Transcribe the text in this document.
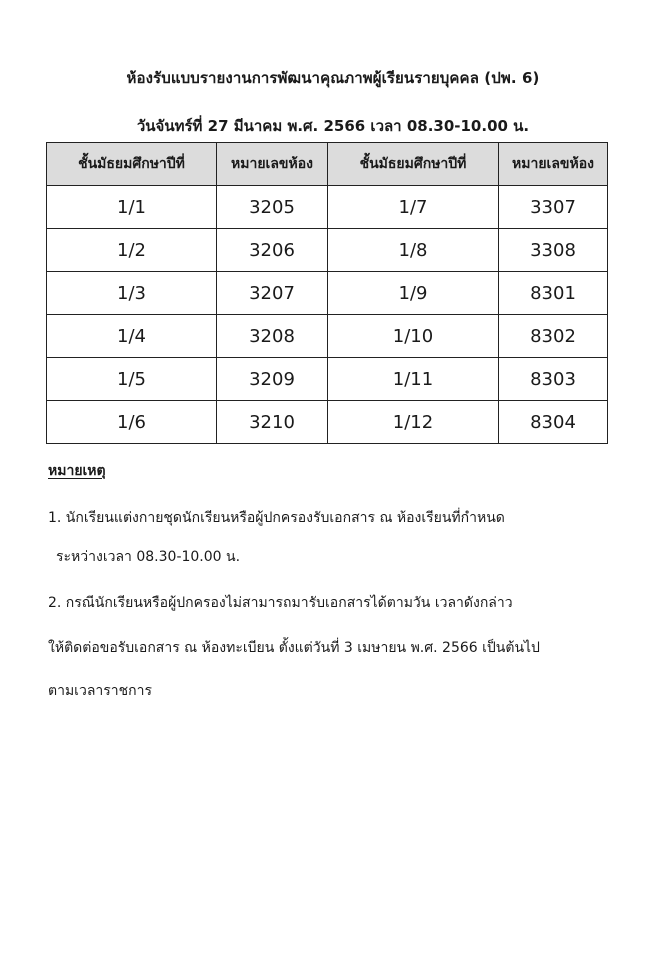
ห้องรับแบบรายงานการพัฒนาคุณภาพผู้เรียนรายบุคคล (ปพ. 6)
วันจันทร์ที่ 27 มีนาคม พ.ศ. 2566 เวลา 08.30-10.00 น.
ชั้นมัธยมศึกษาปีที่	หมายเลขห้อง	ชั้นมัธยมศึกษาปีที่	หมายเลขห้อง
1/1	3205	1/7	3307
1/2	3206	1/8	3308
1/3	3207	1/9	8301
1/4	3208	1/10	8302
1/5	3209	1/11	8303
1/6	3210	1/12	8304
หมายเหตุ
1. นักเรียนแต่งกายชุดนักเรียนหรือผู้ปกครองรับเอกสาร ณ ห้องเรียนที่กำหนด
ระหว่างเวลา 08.30-10.00 น.
2. กรณีนักเรียนหรือผู้ปกครองไม่สามารถมารับเอกสารได้ตามวัน เวลาดังกล่าว
ให้ติดต่อขอรับเอกสาร ณ ห้องทะเบียน ตั้งแต่วันที่ 3 เมษายน พ.ศ. 2566 เป็นต้นไป
ตามเวลาราชการ
